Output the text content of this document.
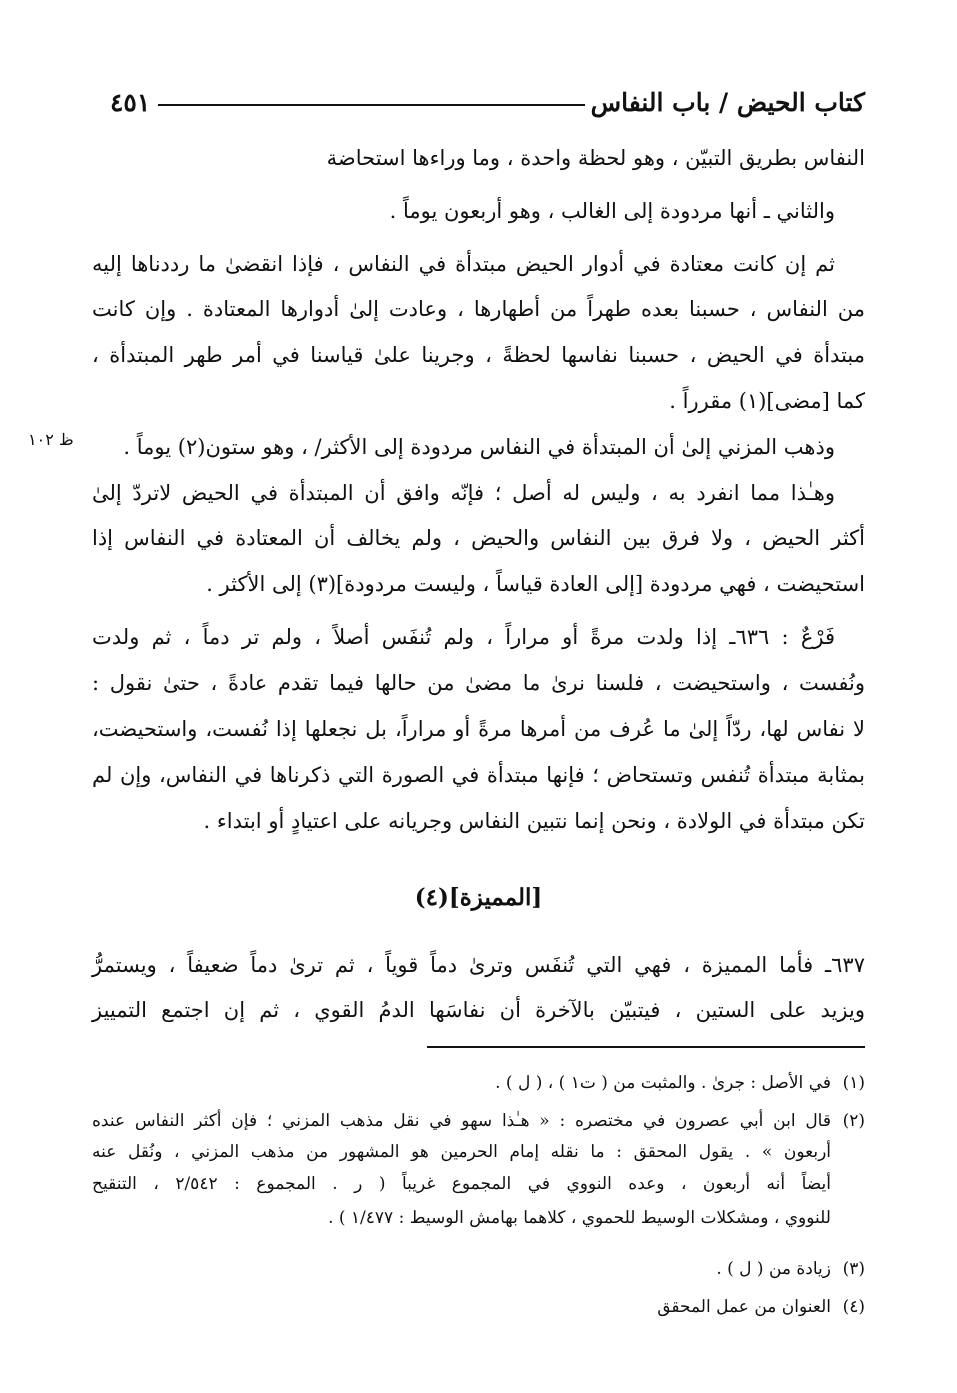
كتاب الحيض / باب النفاس
٤٥١
النفاس بطريق التبيّن ، وهو لحظة واحدة ، وما وراءها استحاضة
والثاني ـ أنها مردودة إلى الغالب ، وهو أربعون يوماً .
ثم إن كانت معتادة في أدوار الحيض مبتدأة في النفاس ، فإذا انقضىٰ ما رددناها إليه
من النفاس ، حسبنا بعده طهراً من أطهارها ، وعادت إلىٰ أدوارها المعتادة . وإن كانت
مبتدأة في الحيض ، حسبنا نفاسها لحظةً ، وجرينا علىٰ قياسنا في أمر طهر المبتدأة ،
كما [مضى](١) مقرراً .
ظ ١٠٢ وذهب المزني إلىٰ أن المبتدأة في النفاس مردودة إلى الأكثر/ ، وهو ستون(٢) يوماً .
وهـٰذا مما انفرد به ، وليس له أصل ؛ فإنّه وافق أن المبتدأة في الحيض لاتردّ إلىٰ
أكثر الحيض ، ولا فرق بين النفاس والحيض ، ولم يخالف أن المعتادة في النفاس إذا
استحيضت ، فهي مردودة [إلى العادة قياساً ، وليست مردودة](٣) إلى الأكثر .
فَرْعٌ : ٦٣٦ـ إذا ولدت مرةً أو مراراً ، ولم تُنفَس أصلاً ، ولم تر دماً ، ثم ولدت
ونُفست ، واستحيضت ، فلسنا نرىٰ ما مضىٰ من حالها فيما تقدم عادةً ، حتىٰ نقول :
لا نفاس لها، ردّاً إلىٰ ما عُرف من أمرها مرةً أو مراراً، بل نجعلها إذا نُفست، واستحيضت،
بمثابة مبتدأة تُنفس وتستحاض ؛ فإنها مبتدأة في الصورة التي ذكرناها في النفاس، وإن لم
تكن مبتدأة في الولادة ، ونحن إنما نتبين النفاس وجريانه على اعتيادٍ أو ابتداء .
[المميزة](٤)
٦٣٧ـ فأما المميزة ، فهي التي تُنفَس وترىٰ دماً قوياً ، ثم ترىٰ دماً ضعيفاً ، ويستمرُّ
ويزيد على الستين ، فيتبيّن بالآخرة أن نفاسَها الدمُ القوي ، ثم إن اجتمع التمييز
(١)
في الأصل : جرىٰ . والمثبت من ( ت١ ) ، ( ل ) .
(٢)
قال ابن أبي عصرون في مختصره : « هـٰذا سهو في نقل مذهب المزني ؛ فإن أكثر النفاس عنده
أربعون » . يقول المحقق : ما نقله إمام الحرمين هو المشهور من مذهب المزني ، ونُقل عنه
أيضاً أنه أربعون ، وعده النووي في المجموع غريباً ( ر . المجموع : ٢/٥٤٢ ، التنقيح
للنووي ، ومشكلات الوسيط للحموي ، كلاهما بهامش الوسيط : ١/٤٧٧ ) .
(٣)
زيادة من ( ل ) .
(٤)
العنوان من عمل المحقق
